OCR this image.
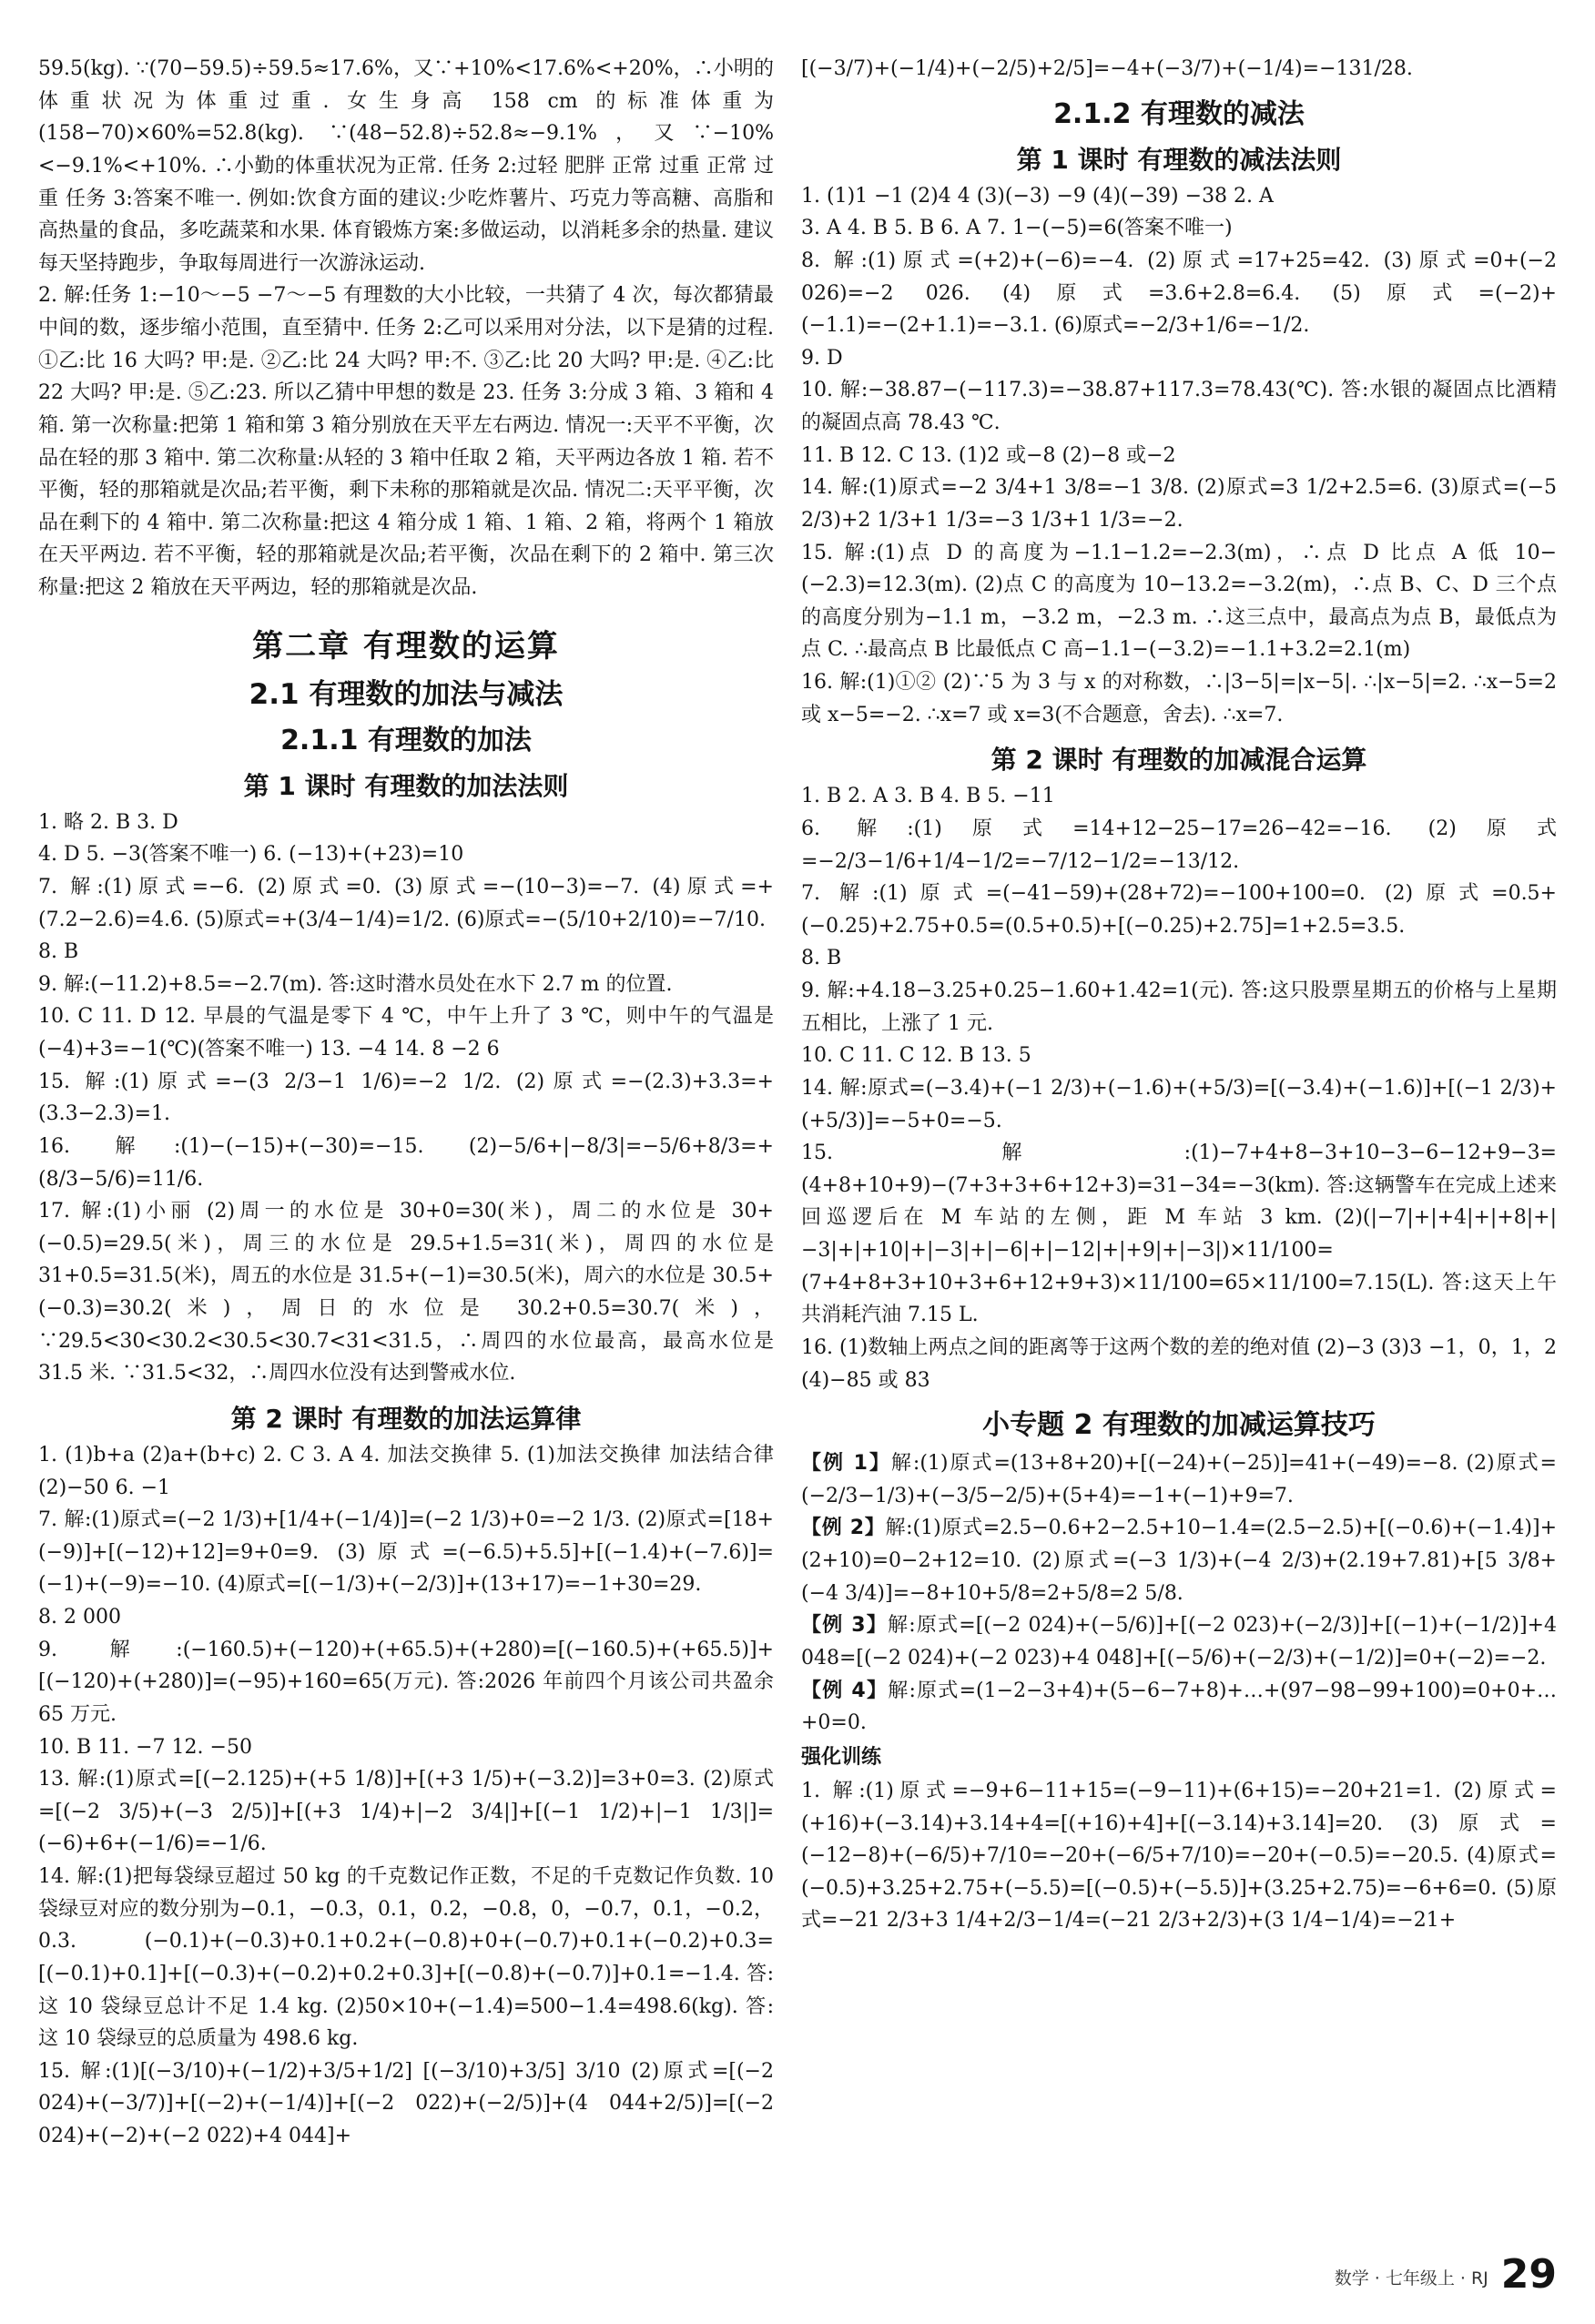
59.5(kg). ∵(70−59.5)÷59.5≈17.6%，又∵+10%<17.6%<+20%，∴小明的体重状况为体重过重. 女生身高 158 cm 的标准体重为(158−70)×60%=52.8(kg). ∵(48−52.8)÷52.8≈−9.1%，又∵−10%<−9.1%<+10%. ∴小勤的体重状况为正常. 任务 2:过轻 肥胖 正常 过重 正常 过重 任务 3:答案不唯一. 例如:饮食方面的建议:少吃炸薯片、巧克力等高糖、高脂和高热量的食品，多吃蔬菜和水果. 体育锻炼方案:多做运动，以消耗多余的热量. 建议每天坚持跑步，争取每周进行一次游泳运动.

2. 解:任务 1:−10～−5 −7～−5 有理数的大小比较，一共猜了 4 次，每次都猜最中间的数，逐步缩小范围，直至猜中. 任务 2:乙可以采用对分法，以下是猜的过程. ①乙:比 16 大吗? 甲:是. ②乙:比 24 大吗? 甲:不. ③乙:比 20 大吗? 甲:是. ④乙:比 22 大吗? 甲:是. ⑤乙:23. 所以乙猜中甲想的数是 23. 任务 3:分成 3 箱、3 箱和 4 箱. 第一次称量:把第 1 箱和第 3 箱分别放在天平左右两边. 情况一:天平不平衡，次品在轻的那 3 箱中. 第二次称量:从轻的 3 箱中任取 2 箱，天平两边各放 1 箱. 若不平衡，轻的那箱就是次品;若平衡，剩下未称的那箱就是次品. 情况二:天平平衡，次品在剩下的 4 箱中. 第二次称量:把这 4 箱分成 1 箱、1 箱、2 箱，将两个 1 箱放在天平两边. 若不平衡，轻的那箱就是次品;若平衡，次品在剩下的 2 箱中. 第三次称量:把这 2 箱放在天平两边，轻的那箱就是次品.

第二章 有理数的运算
2.1 有理数的加法与减法
2.1.1 有理数的加法
第 1 课时 有理数的加法法则

1. 略 2. B 3. D

4. D 5. −3(答案不唯一) 6. (−13)+(+23)=10

7. 解:(1)原式=−6. (2)原式=0. (3)原式=−(10−3)=−7. (4)原式=+(7.2−2.6)=4.6. (5)原式=+(3/4−1/4)=1/2. (6)原式=−(5/10+2/10)=−7/10.

8. B

9. 解:(−11.2)+8.5=−2.7(m). 答:这时潜水员处在水下 2.7 m 的位置.

10. C 11. D 12. 早晨的气温是零下 4 ℃，中午上升了 3 ℃，则中午的气温是(−4)+3=−1(℃)(答案不唯一) 13. −4 14. 8 −2 6

15. 解:(1)原式=−(3 2/3−1 1/6)=−2 1/2. (2)原式=−(2.3)+3.3=+(3.3−2.3)=1.

16. 解:(1)−(−15)+(−30)=−15. (2)−5/6+|−8/3|=−5/6+8/3=+(8/3−5/6)=11/6.

17. 解:(1)小丽 (2)周一的水位是 30+0=30(米)，周二的水位是 30+(−0.5)=29.5(米)，周三的水位是 29.5+1.5=31(米)，周四的水位是 31+0.5=31.5(米)，周五的水位是 31.5+(−1)=30.5(米)，周六的水位是 30.5+(−0.3)=30.2(米)，周日的水位是 30.2+0.5=30.7(米)，∵29.5<30<30.2<30.5<30.7<31<31.5，∴周四的水位最高，最高水位是 31.5 米. ∵31.5<32，∴周四水位没有达到警戒水位.

第 2 课时 有理数的加法运算律

1. (1)b+a (2)a+(b+c) 2. C 3. A 4. 加法交换律 5. (1)加法交换律 加法结合律 (2)−50 6. −1

7. 解:(1)原式=(−2 1/3)+[1/4+(−1/4)]=(−2 1/3)+0=−2 1/3. (2)原式=[18+(−9)]+[(−12)+12]=9+0=9. (3)原式=(−6.5)+5.5]+[(−1.4)+(−7.6)]=(−1)+(−9)=−10. (4)原式=[(−1/3)+(−2/3)]+(13+17)=−1+30=29.

8. 2 000

9. 解:(−160.5)+(−120)+(+65.5)+(+280)=[(−160.5)+(+65.5)]+[(−120)+(+280)]=(−95)+160=65(万元). 答:2026 年前四个月该公司共盈余 65 万元.

10. B 11. −7 12. −50

13. 解:(1)原式=[(−2.125)+(+5 1/8)]+[(+3 1/5)+(−3.2)]=3+0=3. (2)原式=[(−2 3/5)+(−3 2/5)]+[(+3 1/4)+|−2 3/4|]+[(−1 1/2)+|−1 1/3|]=(−6)+6+(−1/6)=−1/6.

14. 解:(1)把每袋绿豆超过 50 kg 的千克数记作正数，不足的千克数记作负数. 10 袋绿豆对应的数分别为−0.1，−0.3，0.1，0.2，−0.8，0，−0.7，0.1，−0.2，0.3. (−0.1)+(−0.3)+0.1+0.2+(−0.8)+0+(−0.7)+0.1+(−0.2)+0.3=[(−0.1)+0.1]+[(−0.3)+(−0.2)+0.2+0.3]+[(−0.8)+(−0.7)]+0.1=−1.4. 答:这 10 袋绿豆总计不足 1.4 kg. (2)50×10+(−1.4)=500−1.4=498.6(kg). 答:这 10 袋绿豆的总质量为 498.6 kg.

15. 解:(1)[(−3/10)+(−1/2)+3/5+1/2] [(−3/10)+3/5] 3/10 (2)原式=[(−2 024)+(−3/7)]+[(−2)+(−1/4)]+[(−2 022)+(−2/5)]+(4 044+2/5)]=[(−2 024)+(−2)+(−2 022)+4 044]+

[(−3/7)+(−1/4)+(−2/5)+2/5]=−4+(−3/7)+(−1/4)=−131/28.

2.1.2 有理数的减法
第 1 课时 有理数的减法法则

1. (1)1 −1 (2)4 4 (3)(−3) −9 (4)(−39) −38 2. A

3. A 4. B 5. B 6. A 7. 1−(−5)=6(答案不唯一)

8. 解:(1)原式=(+2)+(−6)=−4. (2)原式=17+25=42. (3)原式=0+(−2 026)=−2 026. (4)原式=3.6+2.8=6.4. (5)原式=(−2)+(−1.1)=−(2+1.1)=−3.1. (6)原式=−2/3+1/6=−1/2.

9. D

10. 解:−38.87−(−117.3)=−38.87+117.3=78.43(℃). 答:水银的凝固点比酒精的凝固点高 78.43 ℃.

11. B 12. C 13. (1)2 或−8 (2)−8 或−2

14. 解:(1)原式=−2 3/4+1 3/8=−1 3/8. (2)原式=3 1/2+2.5=6. (3)原式=(−5 2/3)+2 1/3+1 1/3=−3 1/3+1 1/3=−2.

15. 解:(1)点 D 的高度为−1.1−1.2=−2.3(m)，∴点 D 比点 A 低 10−(−2.3)=12.3(m). (2)点 C 的高度为 10−13.2=−3.2(m)，∴点 B、C、D 三个点的高度分别为−1.1 m，−3.2 m，−2.3 m. ∴这三点中，最高点为点 B，最低点为点 C. ∴最高点 B 比最低点 C 高−1.1−(−3.2)=−1.1+3.2=2.1(m)

16. 解:(1)①② (2)∵5 为 3 与 x 的对称数，∴|3−5|=|x−5|. ∴|x−5|=2. ∴x−5=2 或 x−5=−2. ∴x=7 或 x=3(不合题意，舍去). ∴x=7.

第 2 课时 有理数的加减混合运算

1. B 2. A 3. B 4. B 5. −11

6. 解:(1)原式=14+12−25−17=26−42=−16. (2)原式=−2/3−1/6+1/4−1/2=−7/12−1/2=−13/12.

7. 解:(1)原式=(−41−59)+(28+72)=−100+100=0. (2)原式=0.5+(−0.25)+2.75+0.5=(0.5+0.5)+[(−0.25)+2.75]=1+2.5=3.5.

8. B

9. 解:+4.18−3.25+0.25−1.60+1.42=1(元). 答:这只股票星期五的价格与上星期五相比，上涨了 1 元.

10. C 11. C 12. B 13. 5

14. 解:原式=(−3.4)+(−1 2/3)+(−1.6)+(+5/3)=[(−3.4)+(−1.6)]+[(−1 2/3)+(+5/3)]=−5+0=−5.

15. 解:(1)−7+4+8−3+10−3−6−12+9−3=(4+8+10+9)−(7+3+3+6+12+3)=31−34=−3(km). 答:这辆警车在完成上述来回巡逻后在 M 车站的左侧，距 M 车站 3 km. (2)(|−7|+|+4|+|+8|+|−3|+|+10|+|−3|+|−6|+|−12|+|+9|+|−3|)×11/100=(7+4+8+3+10+3+6+12+9+3)×11/100=65×11/100=7.15(L). 答:这天上午共消耗汽油 7.15 L.

16. (1)数轴上两点之间的距离等于这两个数的差的绝对值 (2)−3 (3)3 −1，0，1，2 (4)−85 或 83

小专题 2 有理数的加减运算技巧

【例 1】解:(1)原式=(13+8+20)+[(−24)+(−25)]=41+(−49)=−8. (2)原式=(−2/3−1/3)+(−3/5−2/5)+(5+4)=−1+(−1)+9=7.

【例 2】解:(1)原式=2.5−0.6+2−2.5+10−1.4=(2.5−2.5)+[(−0.6)+(−1.4)]+(2+10)=0−2+12=10. (2)原式=(−3 1/3)+(−4 2/3)+(2.19+7.81)+[5 3/8+(−4 3/4)]=−8+10+5/8=2+5/8=2 5/8.

【例 3】解:原式=[(−2 024)+(−5/6)]+[(−2 023)+(−2/3)]+[(−1)+(−1/2)]+4 048=[(−2 024)+(−2 023)+4 048]+[(−5/6)+(−2/3)+(−1/2)]=0+(−2)=−2.

【例 4】解:原式=(1−2−3+4)+(5−6−7+8)+…+(97−98−99+100)=0+0+…+0=0.

强化训练

1. 解:(1)原式=−9+6−11+15=(−9−11)+(6+15)=−20+21=1. (2)原式=(+16)+(−3.14)+3.14+4=[(+16)+4]+[(−3.14)+3.14]=20. (3)原式=(−12−8)+(−6/5)+7/10=−20+(−6/5+7/10)=−20+(−0.5)=−20.5. (4)原式=(−0.5)+3.25+2.75+(−5.5)=[(−0.5)+(−5.5)]+(3.25+2.75)=−6+6=0. (5)原式=−21 2/3+3 1/4+2/3−1/4=(−21 2/3+2/3)+(3 1/4−1/4)=−21+

数学 · 七年级上 · RJ 29
